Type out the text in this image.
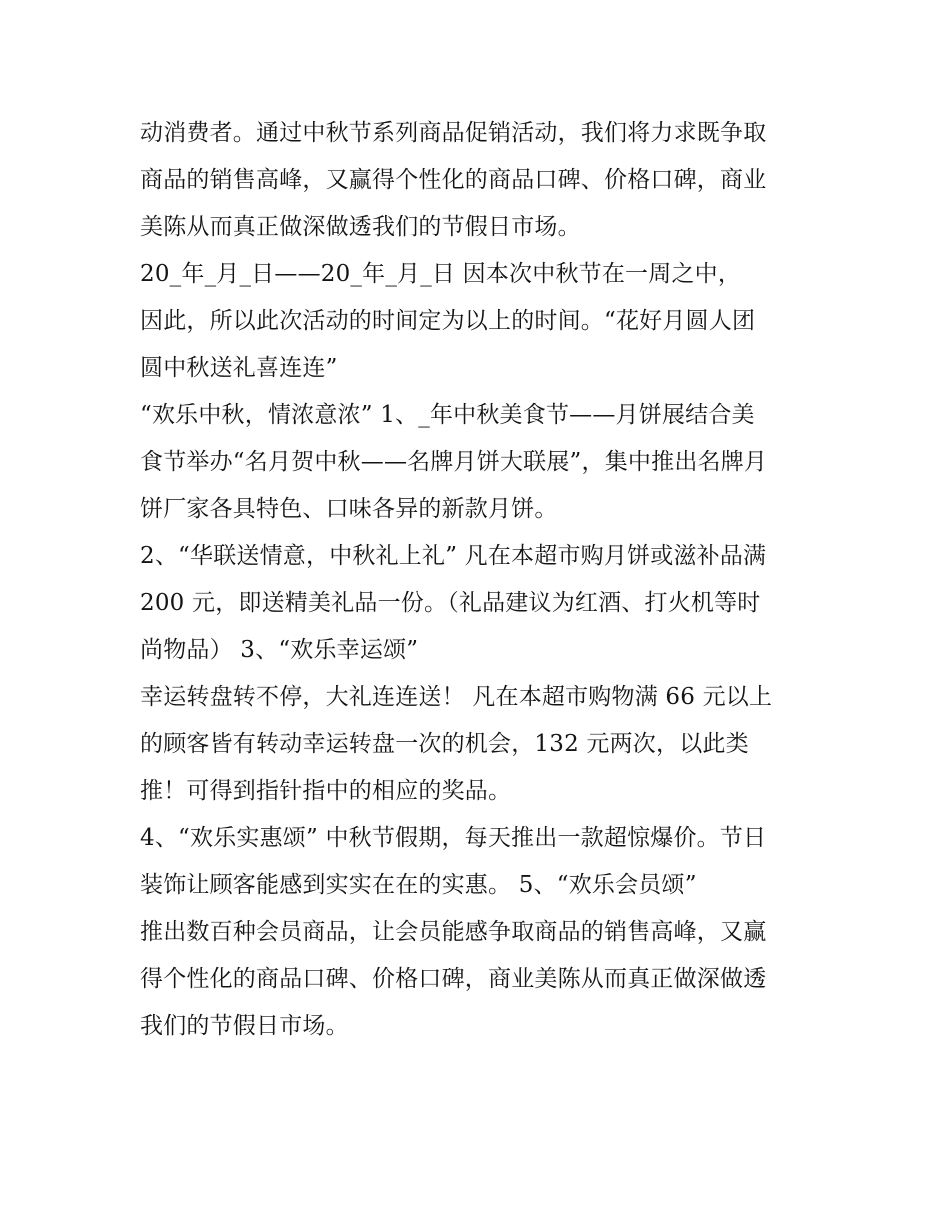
动消费者。通过中秋节系列商品促销活动，我们将力求既争取
商品的销售高峰，又赢得个性化的商品口碑、价格口碑，商业
美陈从而真正做深做透我们的节假日市场。
20_年_月_日——20_年_月_日 因本次中秋节在一周之中，
因此，所以此次活动的时间定为以上的时间。“花好月圆人团
圆中秋送礼喜连连”
“欢乐中秋，情浓意浓” 1、_年中秋美食节——月饼展结合美
食节举办“名月贺中秋——名牌月饼大联展”，集中推出名牌月
饼厂家各具特色、口味各异的新款月饼。
2、“华联送情意，中秋礼上礼” 凡在本超市购月饼或滋补品满
200 元，即送精美礼品一份。（礼品建议为红酒、打火机等时
尚物品） 3、“欢乐幸运颂”
幸运转盘转不停，大礼连连送！ 凡在本超市购物满 66 元以上
的顾客皆有转动幸运转盘一次的机会，132 元两次，以此类
推！可得到指针指中的相应的奖品。
4、“欢乐实惠颂” 中秋节假期，每天推出一款超惊爆价。节日
装饰让顾客能感到实实在在的实惠。 5、“欢乐会员颂”
推出数百种会员商品，让会员能感争取商品的销售高峰，又赢
得个性化的商品口碑、价格口碑，商业美陈从而真正做深做透
我们的节假日市场。
